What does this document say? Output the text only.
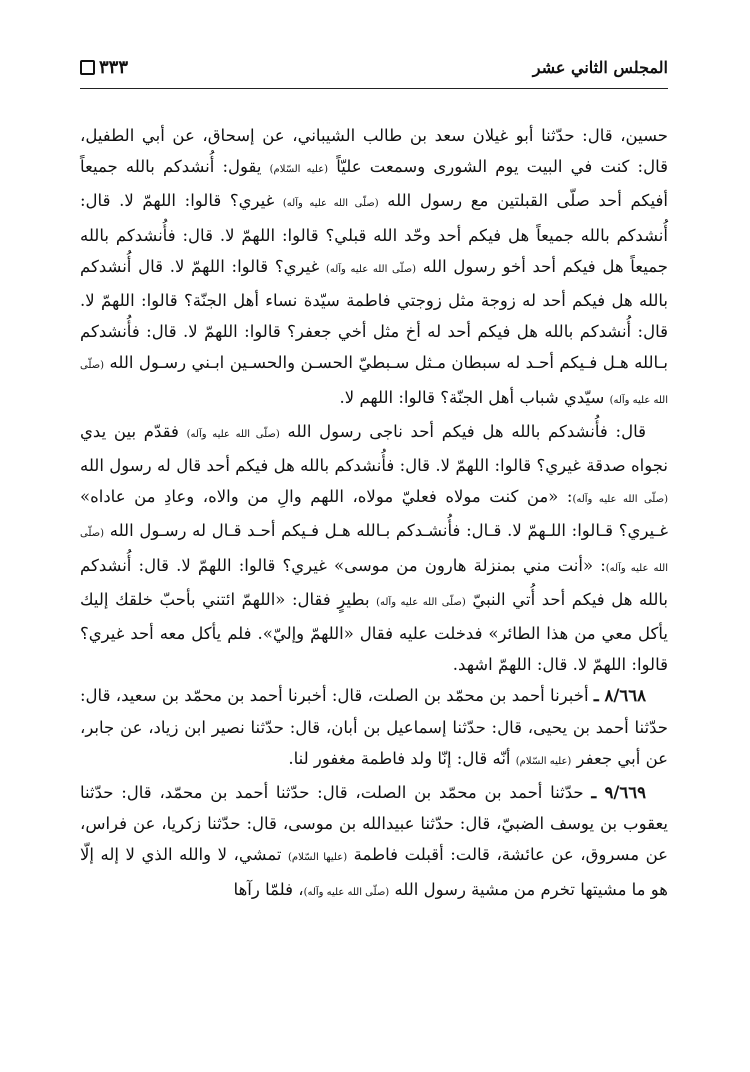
المجلس الثاني عشر
٣٣٣

حسين، قال: حدّثنا أبو غيلان سعد بن طالب الشيباني، عن إسحاق، عن أبي الطفيل، قال: كنت في البيت يوم الشورى وسمعت عليّاً (عليه السّلام) يقول: أُنشدكم بالله جميعاً أفيكم أحد صلّى القبلتين مع رسول الله (صلّى الله عليه وآله) غيري؟ قالوا: اللهمّ لا. قال: أُنشدكم بالله جميعاً هل فيكم أحد وحّد الله قبلي؟ قالوا: اللهمّ لا. قال: فأُنشدكم بالله جميعاً هل فيكم أحد أخو رسول الله (صلّى الله عليه وآله) غيري؟ قالوا: اللهمّ لا. قال أُنشدكم بالله هل فيكم أحد له زوجة مثل زوجتي فاطمة سيّدة نساء أهل الجنّة؟ قالوا: اللهمّ لا. قال: أُنشدكم بالله هل فيكم أحد له أخ مثل أخي جعفر؟ قالوا: اللهمّ لا. قال: فأُنشدكم بـالله هـل فـيكم أحـد له سبطان مـثل سـبطيّ الحسـن والحسـين ابـني رسـول الله (صلّى الله عليه وآله) سيّدي شباب أهل الجنّة؟ قالوا: اللهم لا.

قال: فأُنشدكم بالله هل فيكم أحد ناجى رسول الله (صلّى الله عليه وآله) فقدّم بين يدي نجواه صدقة غيري؟ قالوا: اللهمّ لا. قال: فأُنشدكم بالله هل فيكم أحد قال له رسول الله (صلّى الله عليه وآله): «من كنت مولاه فعليّ مولاه، اللهم والِ من والاه، وعادِ من عاداه» غـيري؟ قـالوا: اللـهمّ لا. قـال: فأُنشـدكم بـالله هـل فـيكم أحـد قـال له رسـول الله (صلّى الله عليه وآله): «أنت مني بمنزلة هارون من موسى» غيري؟ قالوا: اللهمّ لا. قال: أُنشدكم بالله هل فيكم أحد أُتي النبيّ (صلّى الله عليه وآله) بطيرٍ فقال: «اللهمّ ائتني بأحبّ خلقك إليك يأكل معي من هذا الطائر» فدخلت عليه فقال «اللهمّ وإليّ». فلم يأكل معه أحد غيري؟ قالوا: اللهمّ لا. قال: اللهمّ اشهد.

٨/٦٦٨ ـ أخبرنا أحمد بن محمّد بن الصلت، قال: أخبرنا أحمد بن محمّد بن سعيد، قال: حدّثنا أحمد بن يحيى، قال: حدّثنا إسماعيل بن أبان، قال: حدّثنا نصير ابن زياد، عن جابر، عن أبي جعفر (عليه السّلام) أنّه قال: إنّا ولد فاطمة مغفور لنا.

٩/٦٦٩ ـ حدّثنا أحمد بن محمّد بن الصلت، قال: حدّثنا أحمد بن محمّد، قال: حدّثنا يعقوب بن يوسف الضبيّ، قال: حدّثنا عبيدالله بن موسى، قال: حدّثنا زكريا، عن فراس، عن مسروق، عن عائشة، قالت: أقبلت فاطمة (عليها السّلام) تمشي، لا والله الذي لا إله إلّا هو ما مشيتها تخرم من مشية رسول الله (صلّى الله عليه وآله)، فلمّا رآها
